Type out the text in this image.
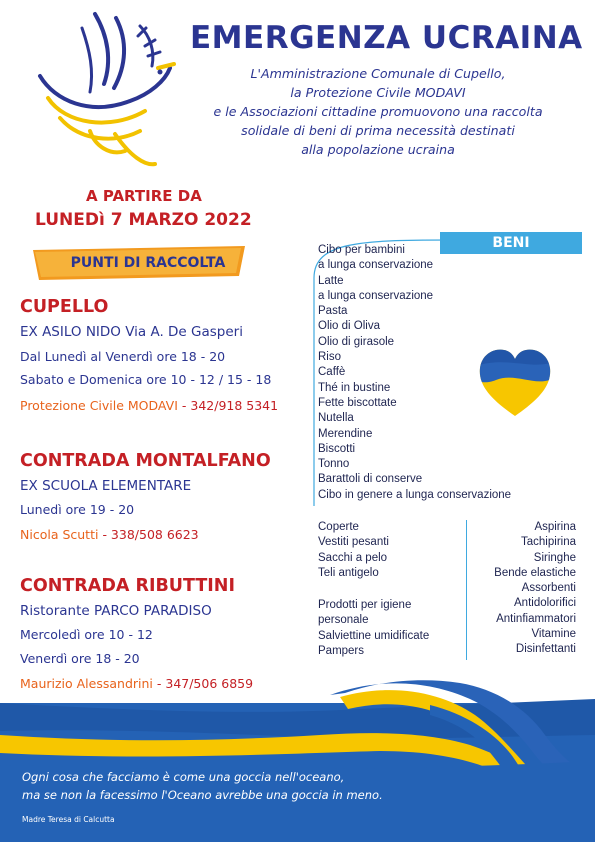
EMERGENZA UCRAINA
L'Amministrazione Comunale di Cupello,
la Protezione Civile MODAVI
e le Associazioni cittadine promuovono una raccolta
solidale di beni di prima necessità destinati
alla popolazione ucraina
A PARTIRE DA
LUNEDì 7 MARZO 2022
PUNTI DI RACCOLTA
CUPELLO
EX ASILO NIDO Via A. De Gasperi
Dal Lunedì al Venerdì ore 18 - 20
Sabato e Domenica ore 10 - 12 / 15 - 18
Protezione Civile MODAVI - 342/918 5341
CONTRADA MONTALFANO
EX SCUOLA ELEMENTARE
Lunedì ore 19 - 20
Nicola Scutti - 338/508 6623
CONTRADA RIBUTTINI
Ristorante PARCO PARADISO
Mercoledì ore 10 - 12
Venerdì ore 18 - 20
Maurizio Alessandrini - 347/506 6859
BENI
Cibo per bambini
a lunga conservazione
Latte
a lunga conservazione
Pasta
Olio di Oliva
Olio di girasole
Riso
Caffè
Thé in bustine
Fette biscottate
Nutella
Merendine
Biscotti
Tonno
Barattoli di conserve
Cibo in genere a lunga conservazione
Coperte
Vestiti pesanti
Sacchi a pelo
Teli antigelo
Prodotti per igiene
personale
Salviettine umidificate
Pampers
Aspirina
Tachipirina
Siringhe
Bende elastiche
Assorbenti
Antidolorifici
Antinfiammatori
Vitamine
Disinfettanti
Ogni cosa che facciamo è come una goccia nell'oceano,
ma se non la facessimo l'Oceano avrebbe una goccia in meno.
Madre Teresa di Calcutta
